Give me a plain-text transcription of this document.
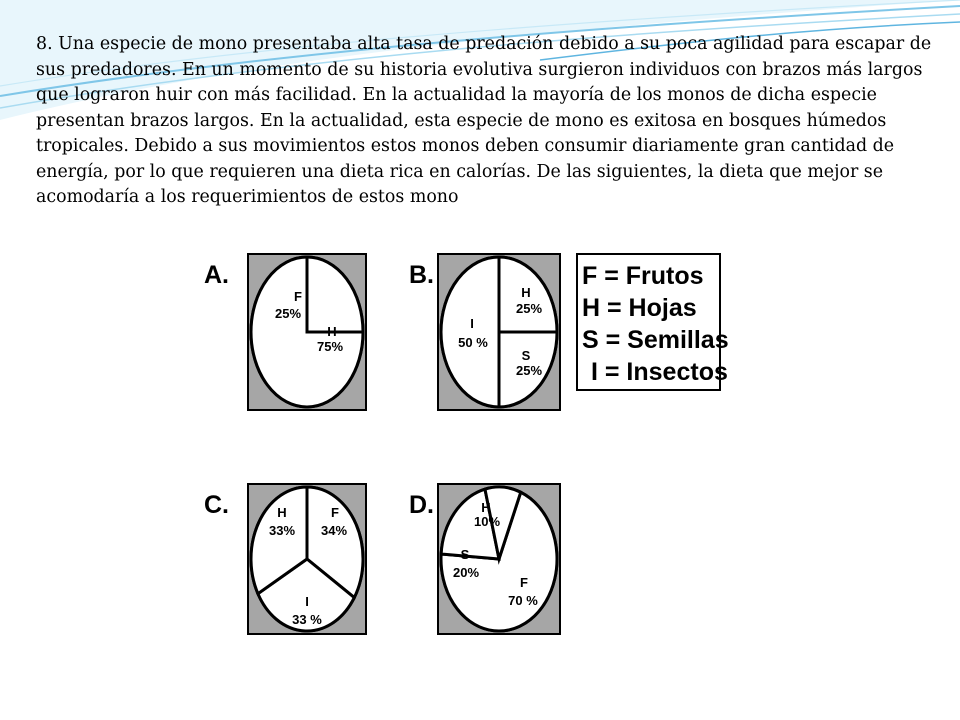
8. Una especie de mono presentaba alta tasa de predación debido a su poca agilidad para escapar de sus predadores. En un momento de su historia evolutiva surgieron individuos con brazos más largos que lograron huir con más facilidad. En la actualidad la mayoría de los monos de dicha especie presentan brazos largos. En la actualidad, esta especie de mono es exitosa en bosques húmedos tropicales. Debido a sus movimientos estos monos deben consumir diariamente gran cantidad de energía, por lo que requieren una dieta rica en calorías. De las siguientes, la dieta que mejor se acomodaría a los requerimientos de estos mono

F
25%
H
75%
A.
H
25%
S
25%
I
50 %
B.
F
34%
I
33 %
H
33%
C.
F
70 %
S
20%
H
10%
D.
F = Frutos
H = Hojas
S = Semillas
I = Insectos
